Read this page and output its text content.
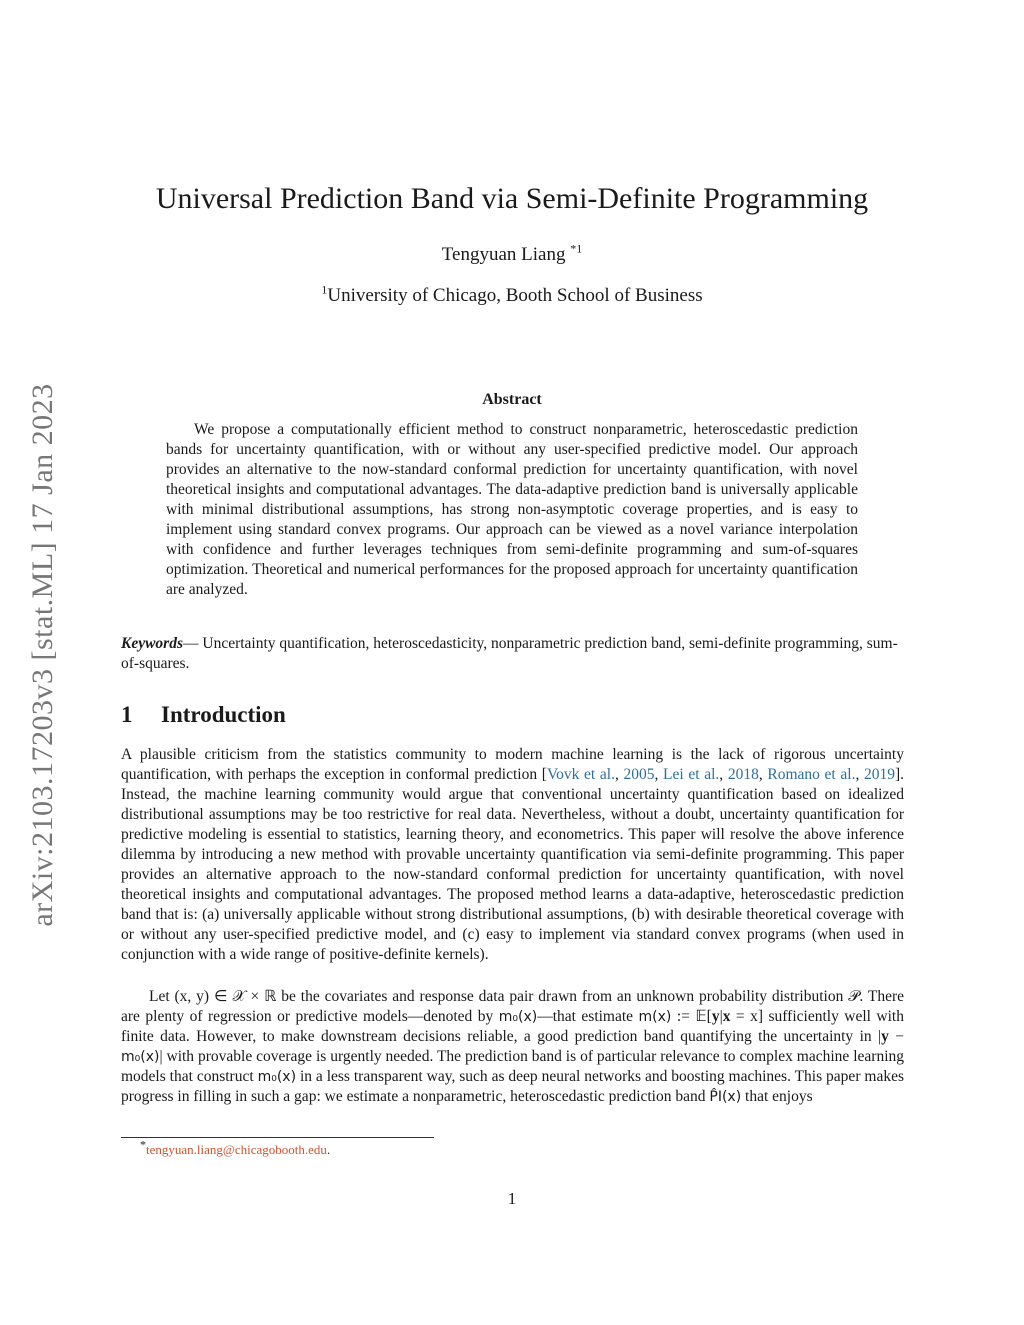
arXiv:2103.17203v3 [stat.ML] 17 Jan 2023
Universal Prediction Band via Semi-Definite Programming
Tengyuan Liang $^{*1}$
$^1$University of Chicago, Booth School of Business
Abstract

We propose a computationally efficient method to construct nonparametric, heteroscedastic prediction bands for uncertainty quantification, with or without any user-specified predictive model. Our approach provides an alternative to the now-standard conformal prediction for uncertainty quantification, with novel theoretical insights and computational advantages. The data-adaptive prediction band is universally applicable with minimal distributional assumptions, has strong non-asymptotic coverage properties, and is easy to implement using standard convex programs. Our approach can be viewed as a novel variance interpolation with confidence and further leverages techniques from semi-definite programming and sum-of-squares optimization. Theoretical and numerical performances for the proposed approach for uncertainty quantification are analyzed.

Keywords— Uncertainty quantification, heteroscedasticity, nonparametric prediction band, semi-definite programming, sum-of-squares.

1 Introduction

A plausible criticism from the statistics community to modern machine learning is the lack of rigorous uncertainty quantification, with perhaps the exception in conformal prediction [Vovk et al., 2005, Lei et al., 2018, Romano et al., 2019]. Instead, the machine learning community would argue that conventional uncertainty quantification based on idealized distributional assumptions may be too restrictive for real data. Nevertheless, without a doubt, uncertainty quantification for predictive modeling is essential to statistics, learning theory, and econometrics. This paper will resolve the above inference dilemma by introducing a new method with provable uncertainty quantification via semi-definite programming. This paper provides an alternative approach to the now-standard conformal prediction for uncertainty quantification, with novel theoretical insights and computational advantages. The proposed method learns a data-adaptive, heteroscedastic prediction band that is: (a) universally applicable without strong distributional assumptions, (b) with desirable theoretical coverage with or without any user-specified predictive model, and (c) easy to implement via standard convex programs (when used in conjunction with a wide range of positive-definite kernels).

Let (x, y) ∈ 𝒳 × ℝ be the covariates and response data pair drawn from an unknown probability distribution 𝒫. There are plenty of regression or predictive models—denoted by m₀(x)—that estimate m(x) := 𝔼[y|x = x] sufficiently well with finite data. However, to make downstream decisions reliable, a good prediction band quantifying the uncertainty in |y − m₀(x)| with provable coverage is urgently needed. The prediction band is of particular relevance to complex machine learning models that construct m₀(x) in a less transparent way, such as deep neural networks and boosting machines. This paper makes progress in filling in such a gap: we estimate a nonparametric, heteroscedastic prediction band P̂I(x) that enjoys

*tengyuan.liang@chicagobooth.edu.
1
